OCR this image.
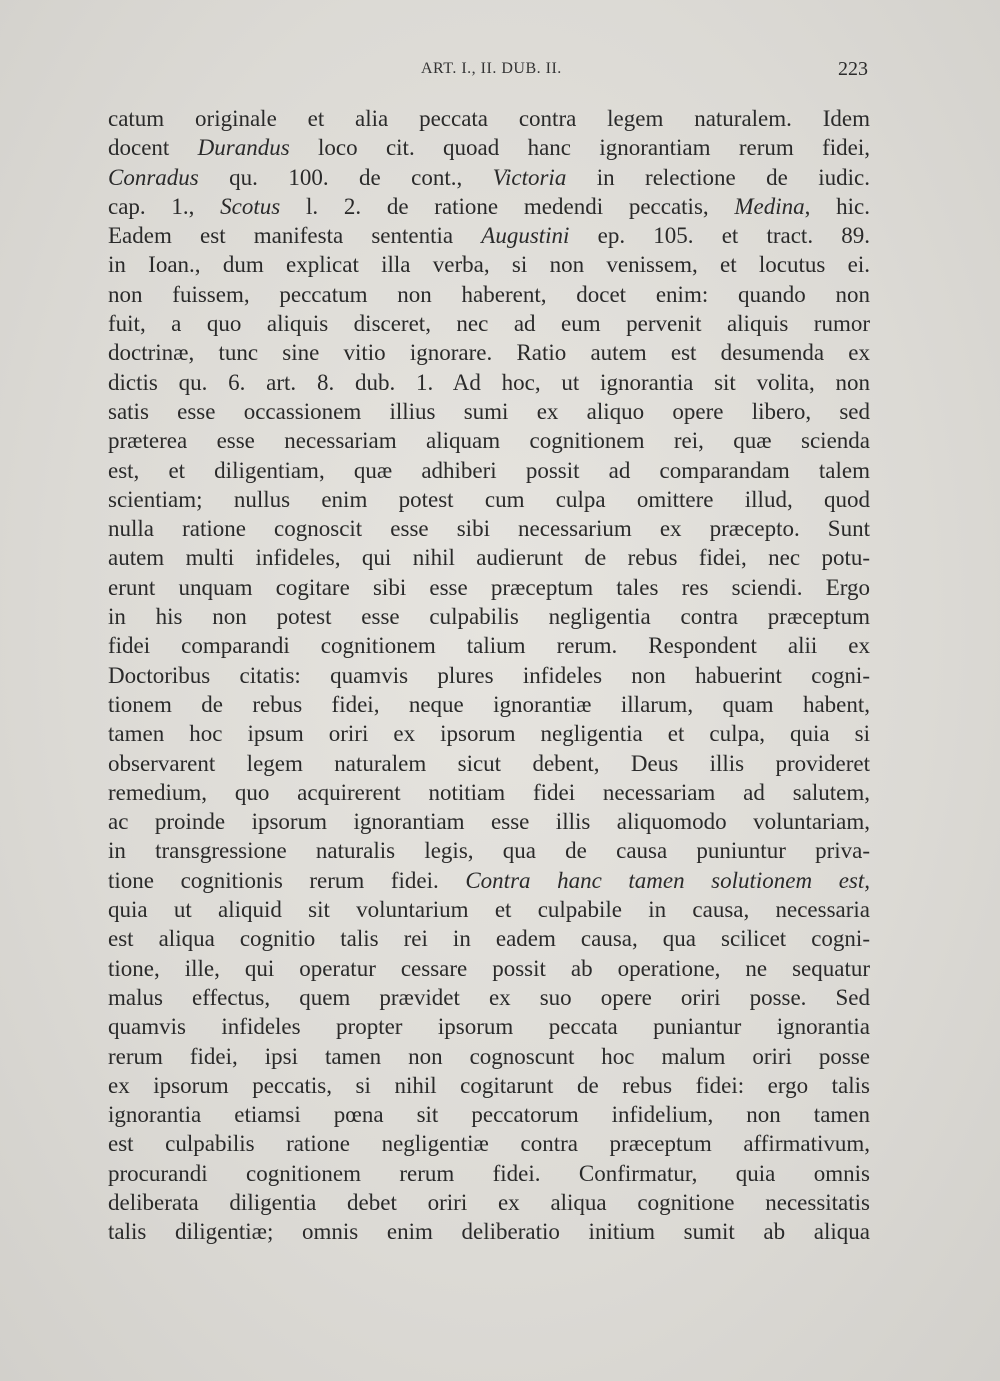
ART. I., II. DUB. II.	223
catum originale et alia peccata contra legem naturalem. Idem
docent Durandus loco cit. quoad hanc ignorantiam rerum fidei,
Conradus qu. 100. de cont., Victoria in relectione de iudic.
cap. 1., Scotus l. 2. de ratione medendi peccatis, Medina, hic.
Eadem est manifesta sententia Augustini ep. 105. et tract. 89.
in Ioan., dum explicat illa verba, si non venissem, et locutus ei.
non fuissem, peccatum non haberent, docet enim: quando non
fuit, a quo aliquis disceret, nec ad eum pervenit aliquis rumor
doctrinæ, tunc sine vitio ignorare. Ratio autem est desumenda ex
dictis qu. 6. art. 8. dub. 1. Ad hoc, ut ignorantia sit volita, non
satis esse occassionem illius sumi ex aliquo opere libero, sed
præterea esse necessariam aliquam cognitionem rei, quæ scienda
est, et diligentiam, quæ adhiberi possit ad comparandam talem
scientiam; nullus enim potest cum culpa omittere illud, quod
nulla ratione cognoscit esse sibi necessarium ex præcepto. Sunt
autem multi infideles, qui nihil audierunt de rebus fidei, nec potu-
erunt unquam cogitare sibi esse præceptum tales res sciendi. Ergo
in his non potest esse culpabilis negligentia contra præceptum
fidei comparandi cognitionem talium rerum. Respondent alii ex
Doctoribus citatis: quamvis plures infideles non habuerint cogni-
tionem de rebus fidei, neque ignorantiæ illarum, quam habent,
tamen hoc ipsum oriri ex ipsorum negligentia et culpa, quia si
observarent legem naturalem sicut debent, Deus illis provideret
remedium, quo acquirerent notitiam fidei necessariam ad salutem,
ac proinde ipsorum ignorantiam esse illis aliquomodo voluntariam,
in transgressione naturalis legis, qua de causa puniuntur priva-
tione cognitionis rerum fidei. Contra hanc tamen solutionem est,
quia ut aliquid sit voluntarium et culpabile in causa, necessaria
est aliqua cognitio talis rei in eadem causa, qua scilicet cogni-
tione, ille, qui operatur cessare possit ab operatione, ne sequatur
malus effectus, quem prævidet ex suo opere oriri posse. Sed
quamvis infideles propter ipsorum peccata puniantur ignorantia
rerum fidei, ipsi tamen non cognoscunt hoc malum oriri posse
ex ipsorum peccatis, si nihil cogitarunt de rebus fidei: ergo talis
ignorantia etiamsi pœna sit peccatorum infidelium, non tamen
est culpabilis ratione negligentiæ contra præceptum affirmativum,
procurandi cognitionem rerum fidei. Confirmatur, quia omnis
deliberata diligentia debet oriri ex aliqua cognitione necessitatis
talis diligentiæ; omnis enim deliberatio initium sumit ab aliqua
